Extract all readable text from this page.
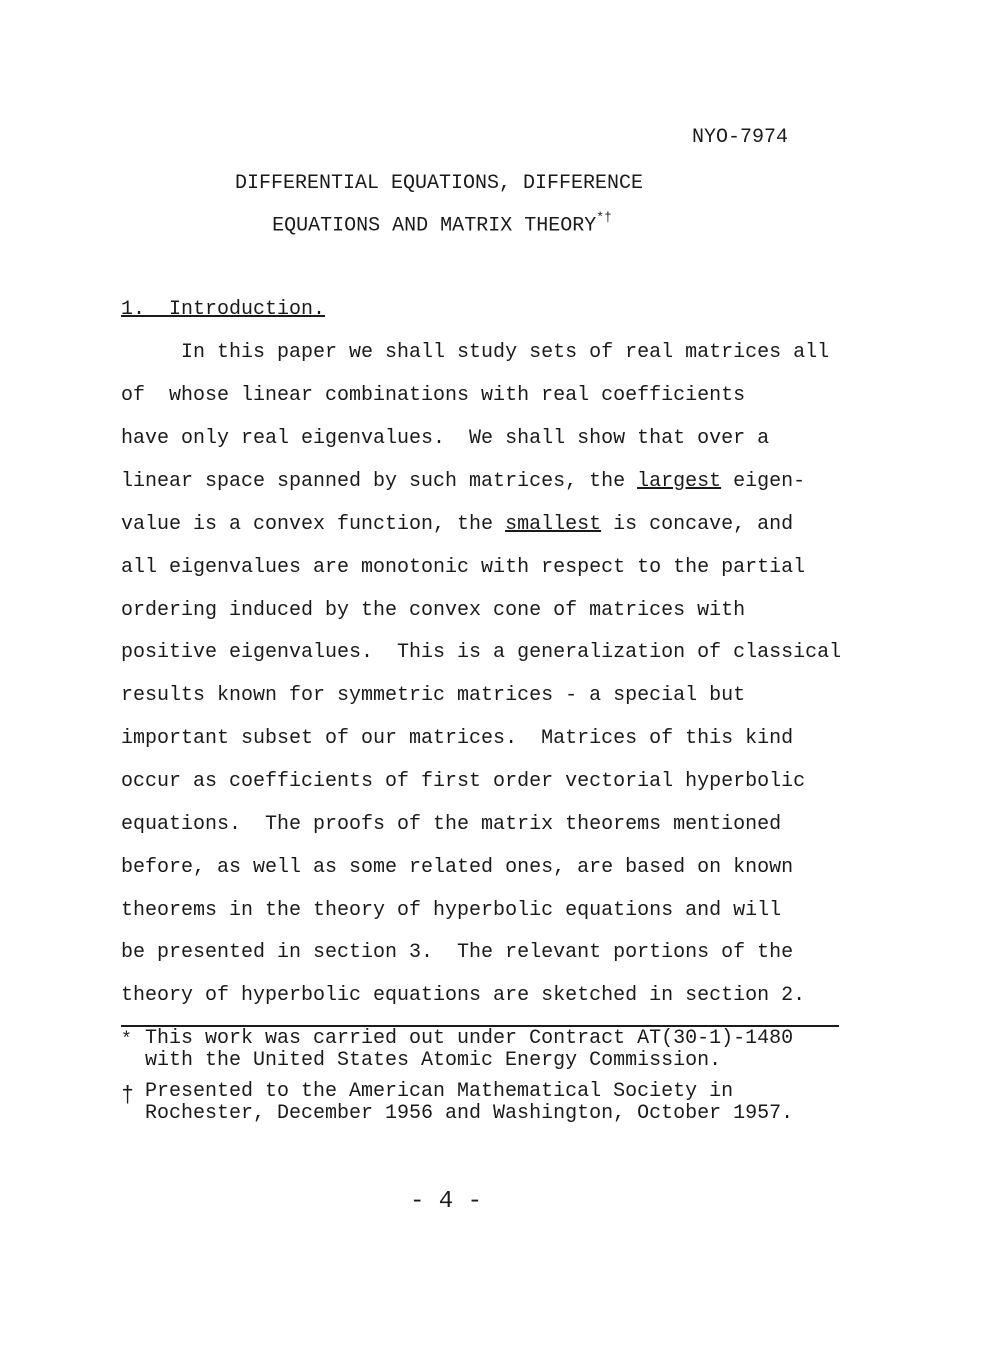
NYO-7974
DIFFERENTIAL EQUATIONS, DIFFERENCE
EQUATIONS AND MATRIX THEORY*†
1. Introduction.
In this paper we shall study sets of real matrices all
of  whose linear combinations with real coefficients
have only real eigenvalues.  We shall show that over a
linear space spanned by such matrices, the largest eigen-
value is a convex function, the smallest is concave, and
all eigenvalues are monotonic with respect to the partial
ordering induced by the convex cone of matrices with
positive eigenvalues.  This is a generalization of classical
results known for symmetric matrices - a special but
important subset of our matrices.  Matrices of this kind
occur as coefficients of first order vectorial hyperbolic
equations.  The proofs of the matrix theorems mentioned
before, as well as some related ones, are based on known
theorems in the theory of hyperbolic equations and will
be presented in section 3.  The relevant portions of the
theory of hyperbolic equations are sketched in section 2.
* This work was carried out under Contract AT(30-1)-1480
with the United States Atomic Energy Commission.
† Presented to the American Mathematical Society in
Rochester, December 1956 and Washington, October 1957.
- 4 -
